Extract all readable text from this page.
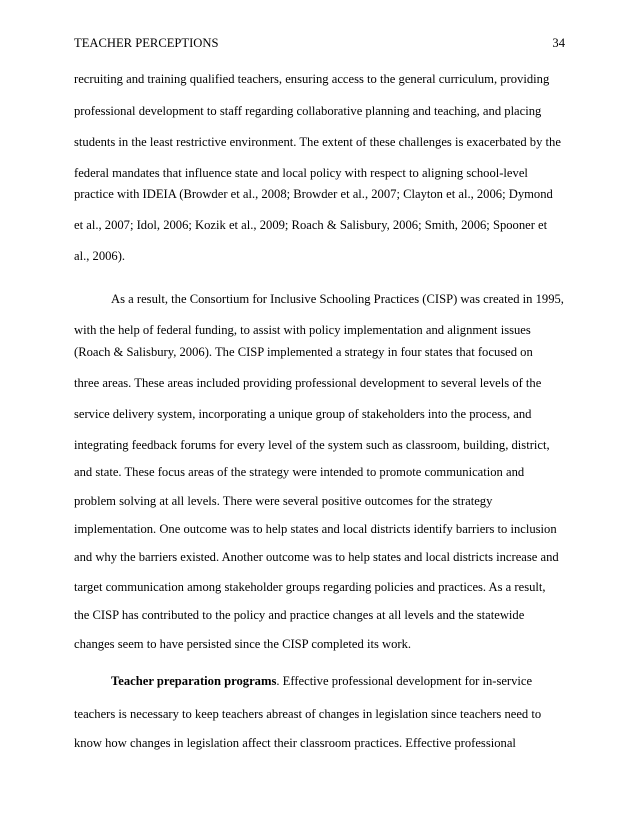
TEACHER PERCEPTIONS	34
recruiting and training qualified teachers, ensuring access to the general curriculum, providing
professional development to staff regarding collaborative planning and teaching, and placing
students in the least restrictive environment. The extent of these challenges is exacerbated by the
federal mandates that influence state and local policy with respect to aligning school-level
practice with IDEIA (Browder et al., 2008; Browder et al., 2007; Clayton et al., 2006; Dymond
et al., 2007; Idol, 2006; Kozik et al., 2009; Roach & Salisbury, 2006; Smith, 2006; Spooner et
al., 2006).
As a result, the Consortium for Inclusive Schooling Practices (CISP) was created in 1995,
with the help of federal funding, to assist with policy implementation and alignment issues
(Roach & Salisbury, 2006). The CISP implemented a strategy in four states that focused on
three areas. These areas included providing professional development to several levels of the
service delivery system, incorporating a unique group of stakeholders into the process, and
integrating feedback forums for every level of the system such as classroom, building, district,
and state. These focus areas of the strategy were intended to promote communication and
problem solving at all levels. There were several positive outcomes for the strategy
implementation. One outcome was to help states and local districts identify barriers to inclusion
and why the barriers existed. Another outcome was to help states and local districts increase and
target communication among stakeholder groups regarding policies and practices. As a result,
the CISP has contributed to the policy and practice changes at all levels and the statewide
changes seem to have persisted since the CISP completed its work.
Teacher preparation programs. Effective professional development for in-service
teachers is necessary to keep teachers abreast of changes in legislation since teachers need to
know how changes in legislation affect their classroom practices. Effective professional
